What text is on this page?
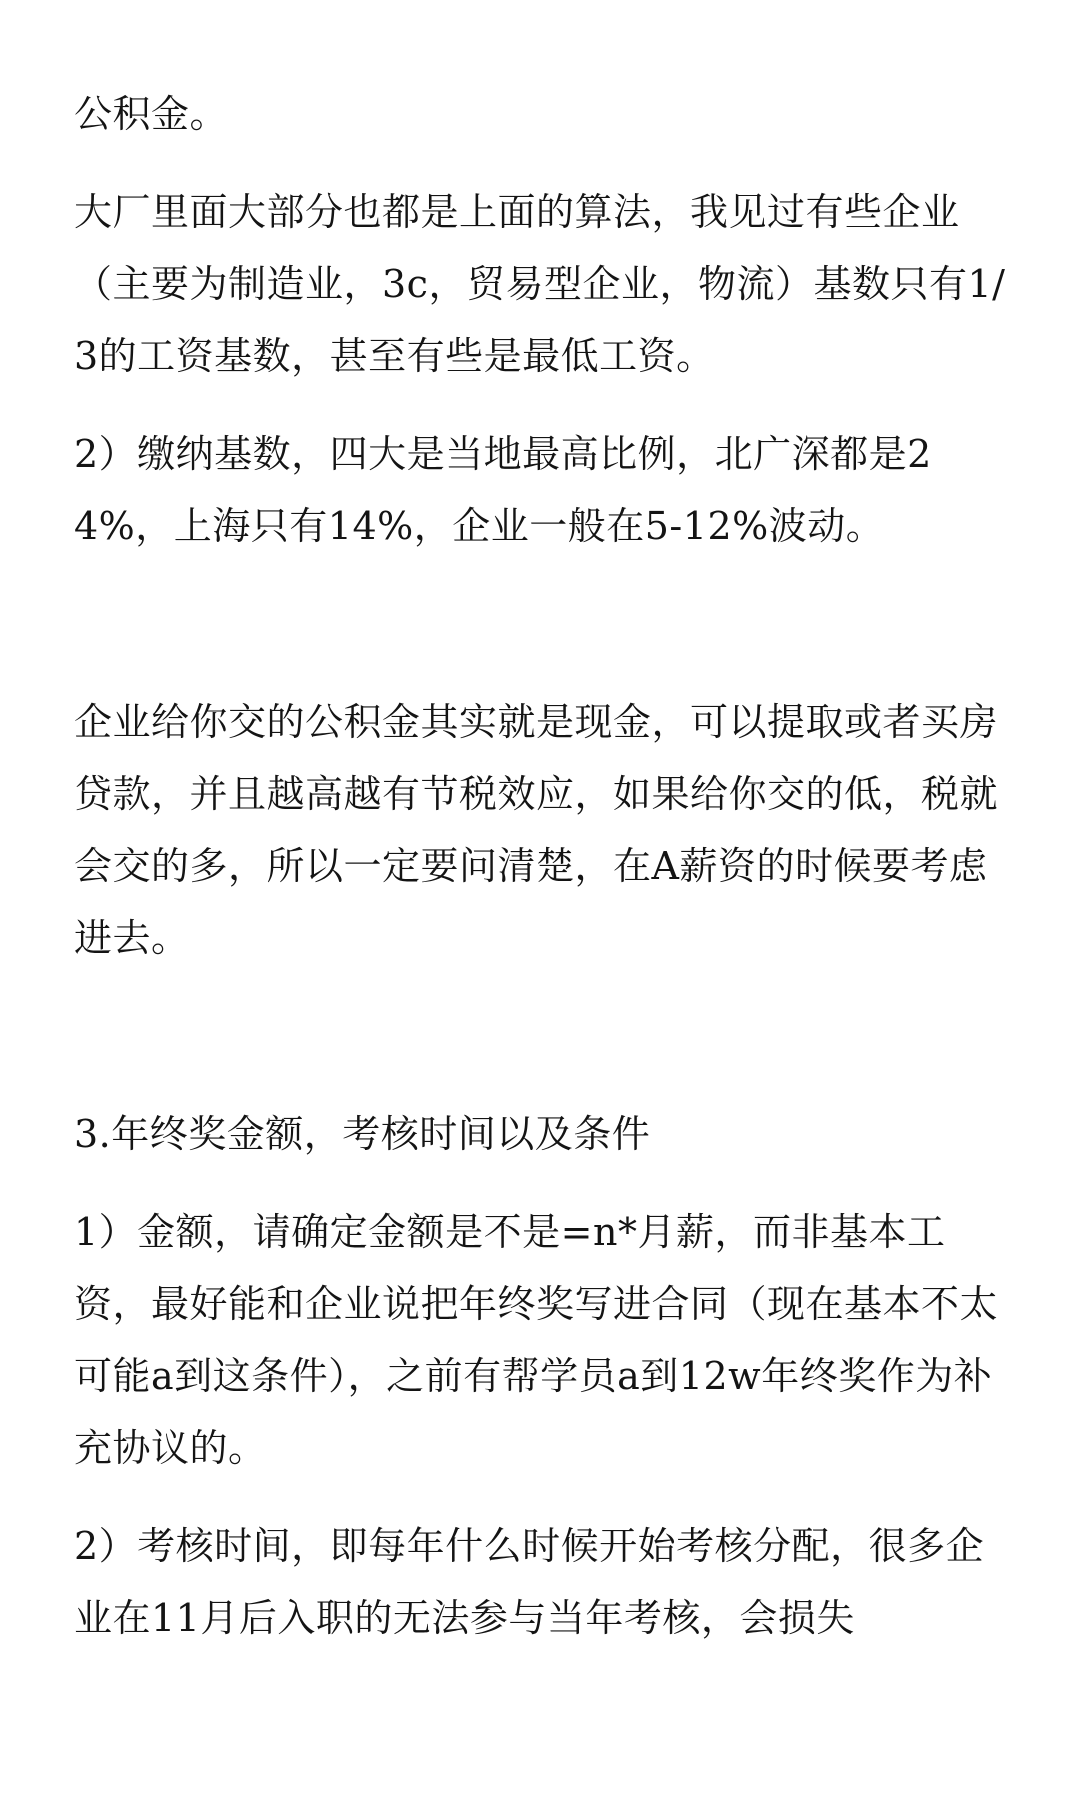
公积金。

大厂里面大部分也都是上面的算法，我见过有些企业（主要为制造业，3c，贸易型企业，物流）基数只有1/3的工资基数，甚至有些是最低工资。

2）缴纳基数，四大是当地最高比例，北广深都是24%，上海只有14%，企业一般在5-12%波动。

企业给你交的公积金其实就是现金，可以提取或者买房贷款，并且越高越有节税效应，如果给你交的低，税就会交的多，所以一定要问清楚，在A薪资的时候要考虑进去。

3.年终奖金额，考核时间以及条件

1）金额，请确定金额是不是=n*月薪，而非基本工资，最好能和企业说把年终奖写进合同（现在基本不太可能a到这条件），之前有帮学员a到12w年终奖作为补充协议的。

2）考核时间，即每年什么时候开始考核分配，很多企业在11月后入职的无法参与当年考核，会损失
